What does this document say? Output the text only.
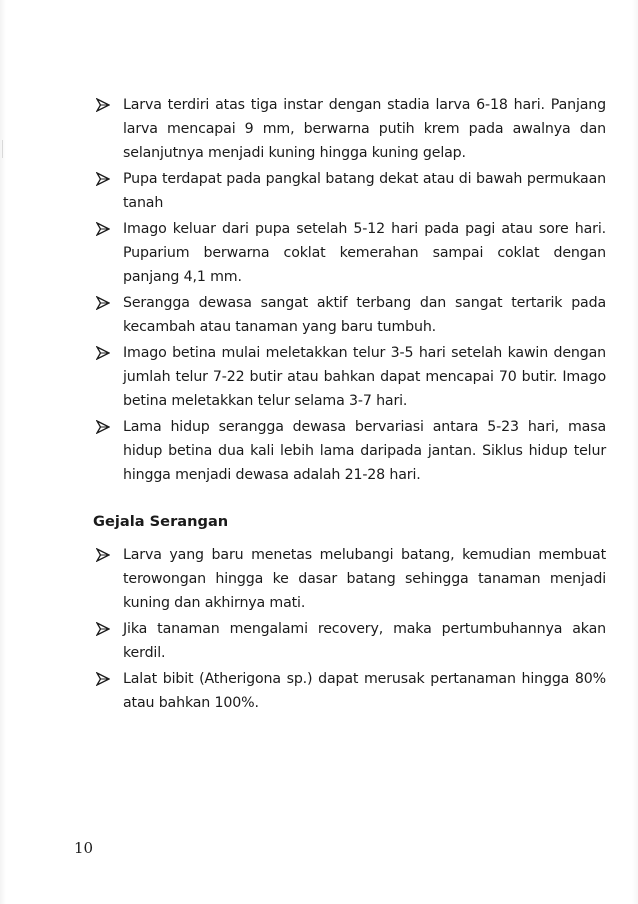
Larva terdiri atas tiga instar dengan stadia larva 6-18 hari. Panjang larva mencapai 9 mm, berwarna putih krem pada awalnya dan selanjutnya menjadi kuning hingga kuning gelap.
Pupa terdapat pada pangkal batang dekat atau di bawah permukaan tanah
Imago keluar dari pupa setelah 5-12 hari pada pagi atau sore hari. Puparium berwarna coklat kemerahan sampai coklat dengan panjang 4,1 mm.
Serangga dewasa sangat aktif terbang dan sangat tertarik pada kecambah atau tanaman yang baru tumbuh.
Imago betina mulai meletakkan telur 3-5 hari setelah kawin dengan jumlah telur 7-22 butir atau bahkan dapat mencapai 70 butir. Imago betina meletakkan telur selama 3-7 hari.
Lama hidup serangga dewasa bervariasi antara 5-23 hari, masa hidup betina dua kali lebih lama daripada jantan. Siklus hidup telur hingga menjadi dewasa adalah 21-28 hari.
Gejala Serangan
Larva yang baru menetas melubangi batang, kemudian membuat terowongan hingga ke dasar batang sehingga tanaman menjadi kuning dan akhirnya mati.
Jika tanaman mengalami recovery, maka pertumbuhannya akan kerdil.
Lalat bibit (Atherigona sp.) dapat merusak pertanaman hingga 80% atau bahkan 100%.
10
